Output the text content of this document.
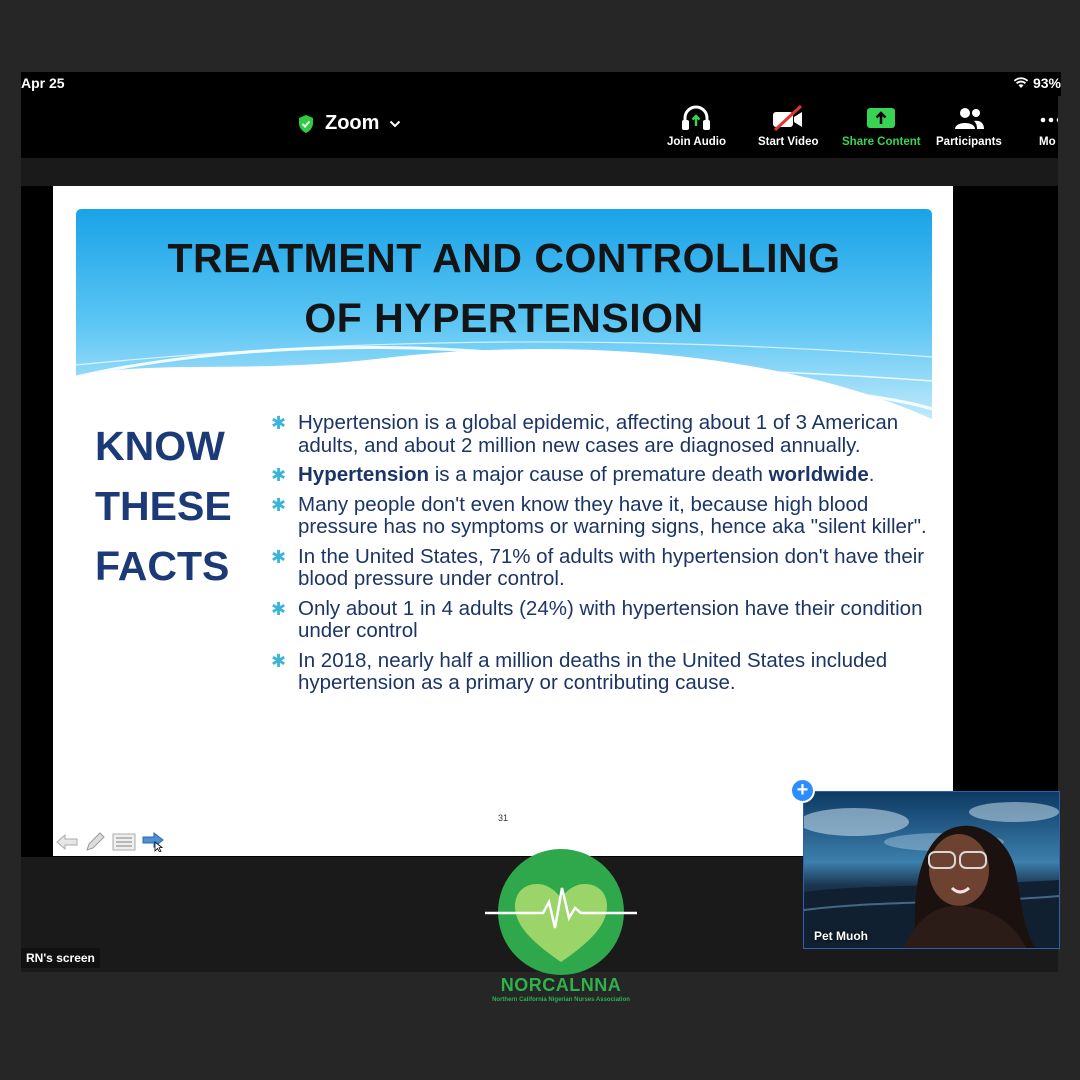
Apr 25	93%
Zoom
Join Audio	Start Video Share Content Participants	Mo
TREATMENT AND CONTROLLING
OF HYPERTENSION
KNOW
THESE
FACTS
✱ Hypertension is a global epidemic, affecting about 1 of 3 American adults, and about 2 million new cases are diagnosed annually.
✱ Hypertension is a major cause of premature death worldwide.
✱ Many people don't even know they have it, because high blood pressure has no symptoms or warning signs, hence aka "silent killer".
✱ In the United States, 71% of adults with hypertension don't have their blood pressure under control.
✱ Only about 1 in 4 adults (24%) with hypertension have their condition under control
✱ In 2018, nearly half a million deaths in the United States included hypertension as a primary or contributing cause.
31
Pet Muoh
+
RN's screen
NORCALNNA
Northern California Nigerian Nurses Association
